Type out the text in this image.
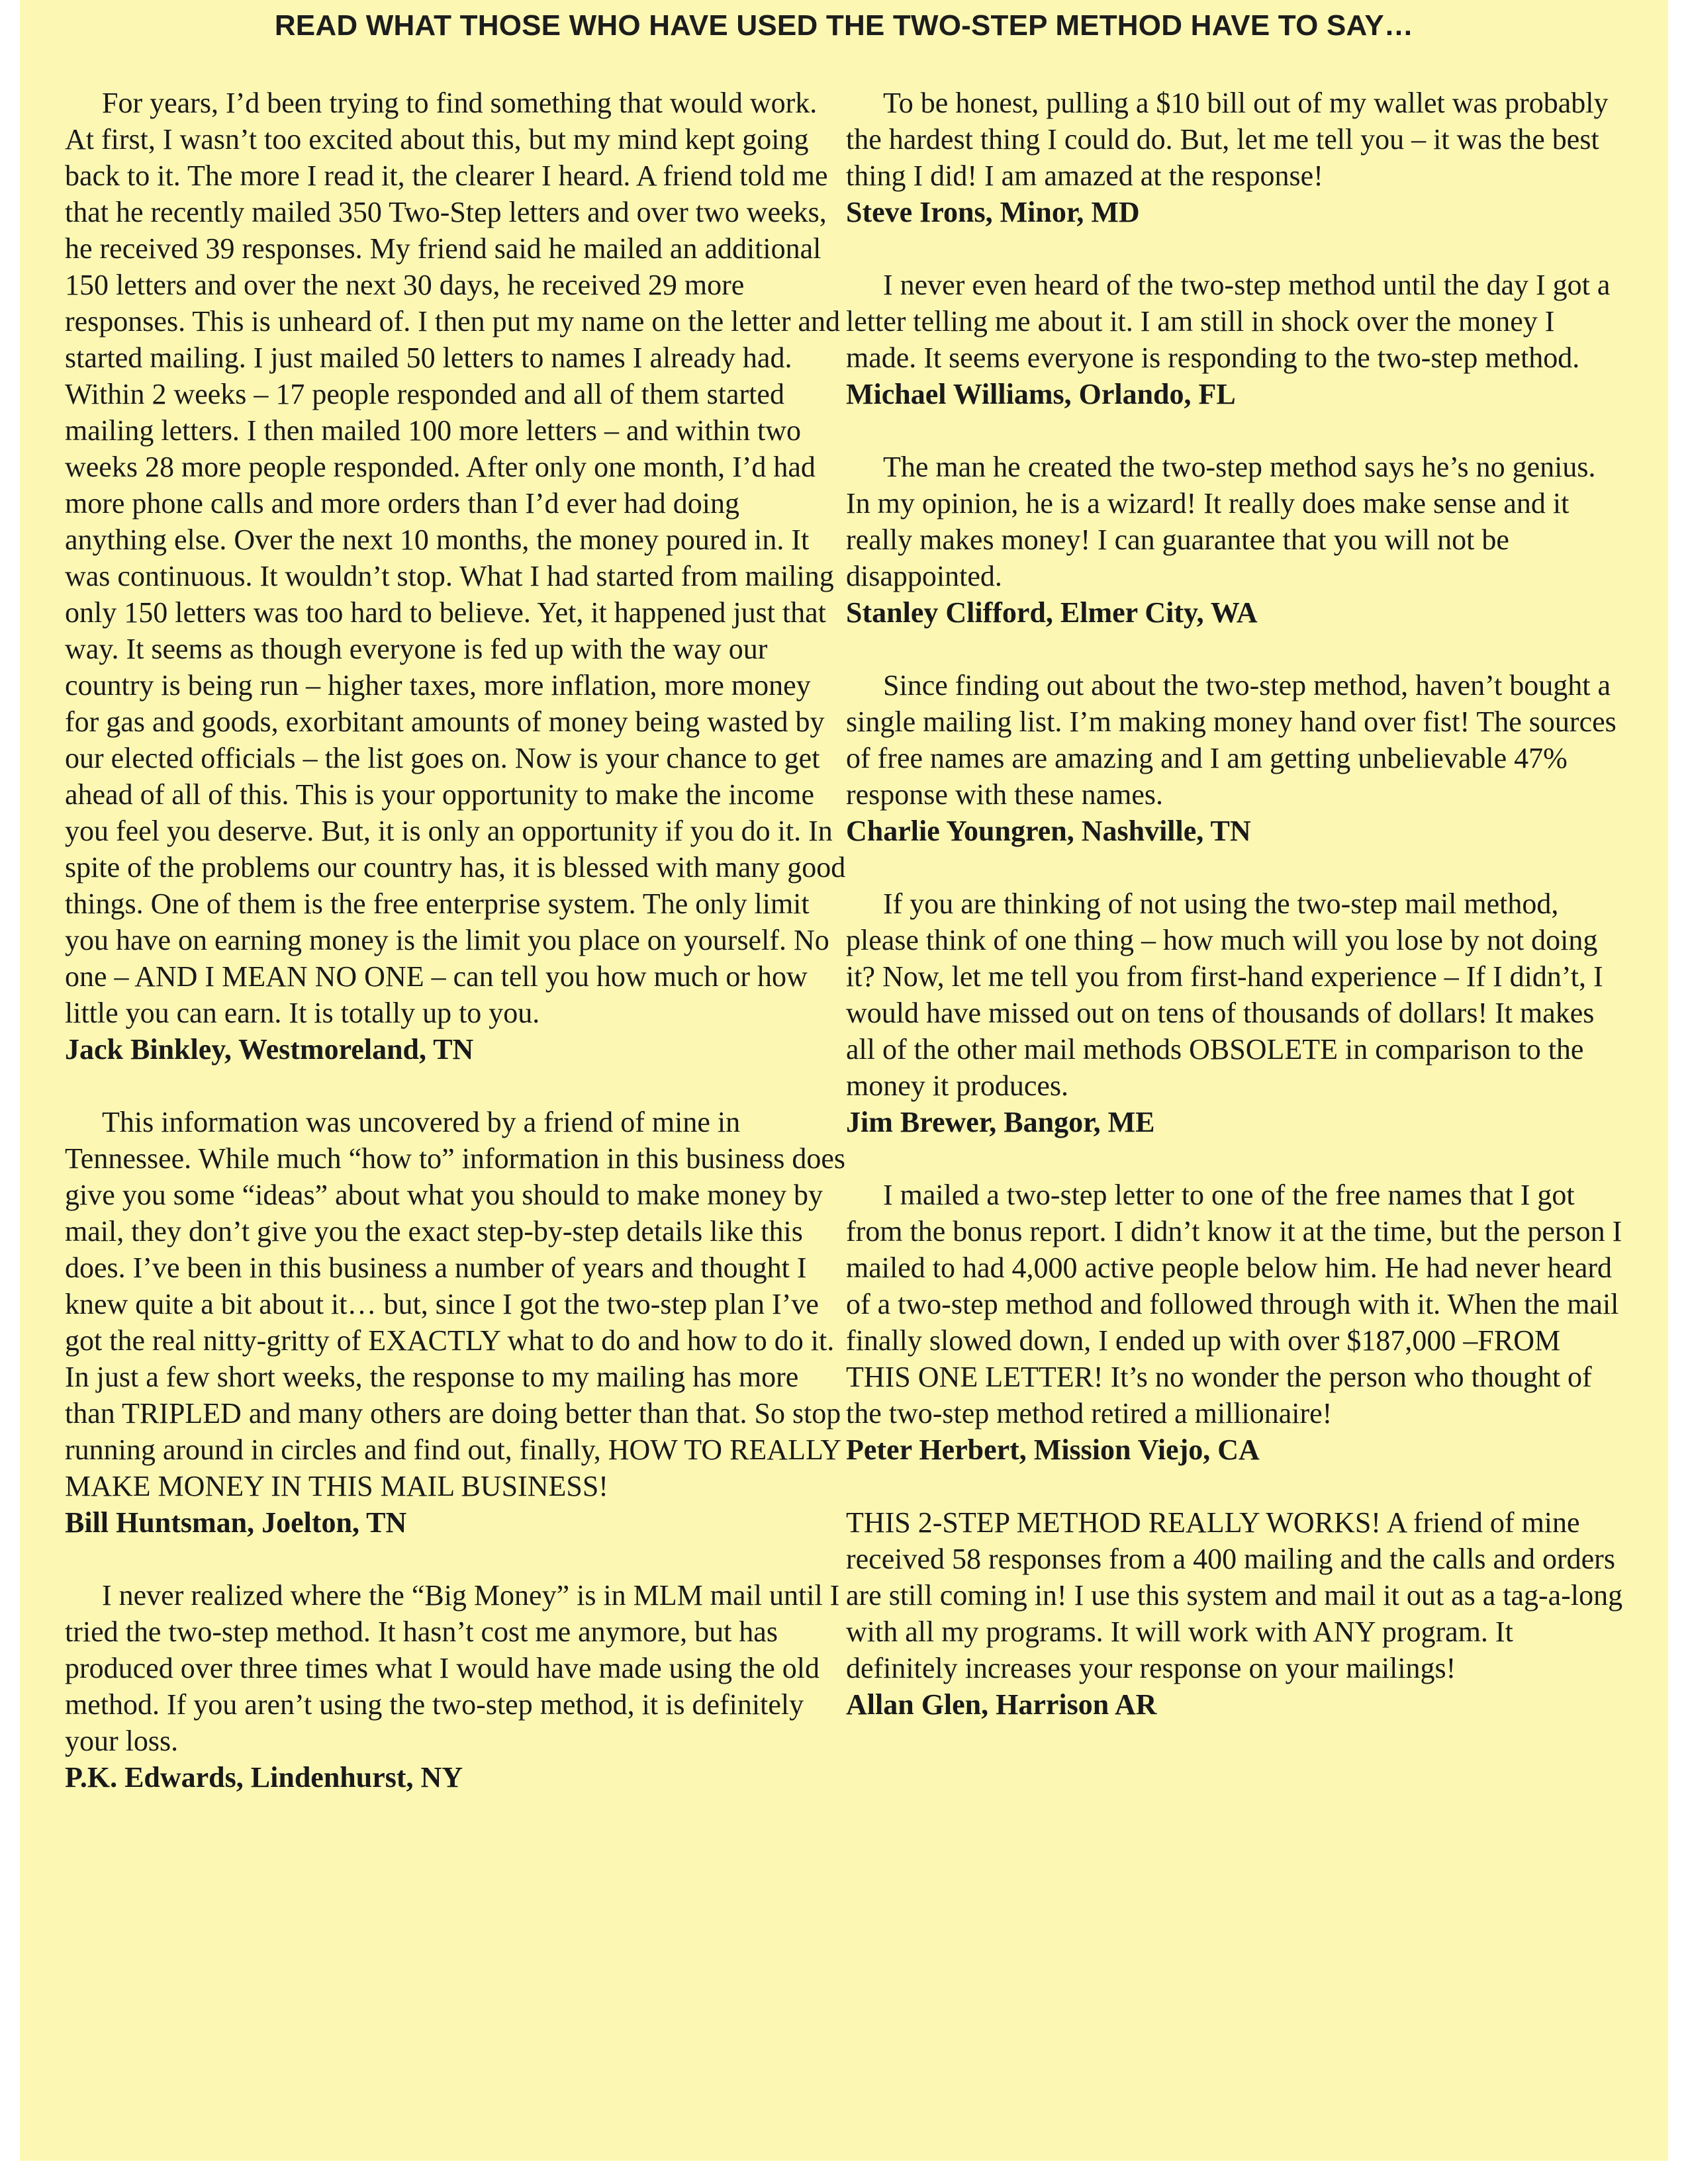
READ WHAT THOSE WHO HAVE USED THE TWO-STEP METHOD HAVE TO SAY…

For years, I’d been trying to find something that would work. At first, I wasn’t too excited about this, but my mind kept going back to it. The more I read it, the clearer I heard. A friend told me that he recently mailed 350 Two-Step letters and over two weeks, he received 39 responses. My friend said he mailed an additional 150 letters and over the next 30 days, he received 29 more responses. This is unheard of. I then put my name on the letter and started mailing. I just mailed 50 letters to names I already had. Within 2 weeks – 17 people responded and all of them started mailing letters. I then mailed 100 more letters – and within two weeks 28 more people responded. After only one month, I’d had more phone calls and more orders than I’d ever had doing anything else. Over the next 10 months, the money poured in. It was continuous. It wouldn’t stop. What I had started from mailing only 150 letters was too hard to believe. Yet, it happened just that way. It seems as though everyone is fed up with the way our country is being run – higher taxes, more inflation, more money for gas and goods, exorbitant amounts of money being wasted by our elected officials – the list goes on. Now is your chance to get ahead of all of this. This is your opportunity to make the income you feel you deserve. But, it is only an opportunity if you do it. In spite of the problems our country has, it is blessed with many good things. One of them is the free enterprise system. The only limit you have on earning money is the limit you place on yourself. No one – AND I MEAN NO ONE – can tell you how much or how little you can earn. It is totally up to you.

Jack Binkley, Westmoreland, TN

This information was uncovered by a friend of mine in Tennessee. While much “how to” information in this business does give you some “ideas” about what you should to make money by mail, they don’t give you the exact step-by-step details like this does. I’ve been in this business a number of years and thought I knew quite a bit about it… but, since I got the two-step plan I’ve got the real nitty-gritty of EXACTLY what to do and how to do it. In just a few short weeks, the response to my mailing has more than TRIPLED and many others are doing better than that. So stop running around in circles and find out, finally, HOW TO REALLY MAKE MONEY IN THIS MAIL BUSINESS!

Bill Huntsman, Joelton, TN

I never realized where the “Big Money” is in MLM mail until I tried the two-step method. It hasn’t cost me anymore, but has produced over three times what I would have made using the old method. If you aren’t using the two-step method, it is definitely your loss.

P.K. Edwards, Lindenhurst, NY

To be honest, pulling a $10 bill out of my wallet was probably the hardest thing I could do. But, let me tell you – it was the best thing I did! I am amazed at the response!

Steve Irons, Minor, MD

I never even heard of the two-step method until the day I got a letter telling me about it. I am still in shock over the money I made. It seems everyone is responding to the two-step method.

Michael Williams, Orlando, FL

The man he created the two-step method says he’s no genius. In my opinion, he is a wizard! It really does make sense and it really makes money! I can guarantee that you will not be disappointed.

Stanley Clifford, Elmer City, WA

Since finding out about the two-step method, haven’t bought a single mailing list. I’m making money hand over fist! The sources of free names are amazing and I am getting unbelievable 47% response with these names.

Charlie Youngren, Nashville, TN

If you are thinking of not using the two-step mail method, please think of one thing – how much will you lose by not doing it? Now, let me tell you from first-hand experience – If I didn’t, I would have missed out on tens of thousands of dollars! It makes all of the other mail methods OBSOLETE in comparison to the money it produces.

Jim Brewer, Bangor, ME

I mailed a two-step letter to one of the free names that I got from the bonus report. I didn’t know it at the time, but the person I mailed to had 4,000 active people below him. He had never heard of a two-step method and followed through with it. When the mail finally slowed down, I ended up with over $187,000 –FROM THIS ONE LETTER! It’s no wonder the person who thought of the two-step method retired a millionaire!

Peter Herbert, Mission Viejo, CA

THIS 2-STEP METHOD REALLY WORKS! A friend of mine received 58 responses from a 400 mailing and the calls and orders are still coming in! I use this system and mail it out as a tag-a-long with all my programs. It will work with ANY program. It definitely increases your response on your mailings!

Allan Glen, Harrison AR
